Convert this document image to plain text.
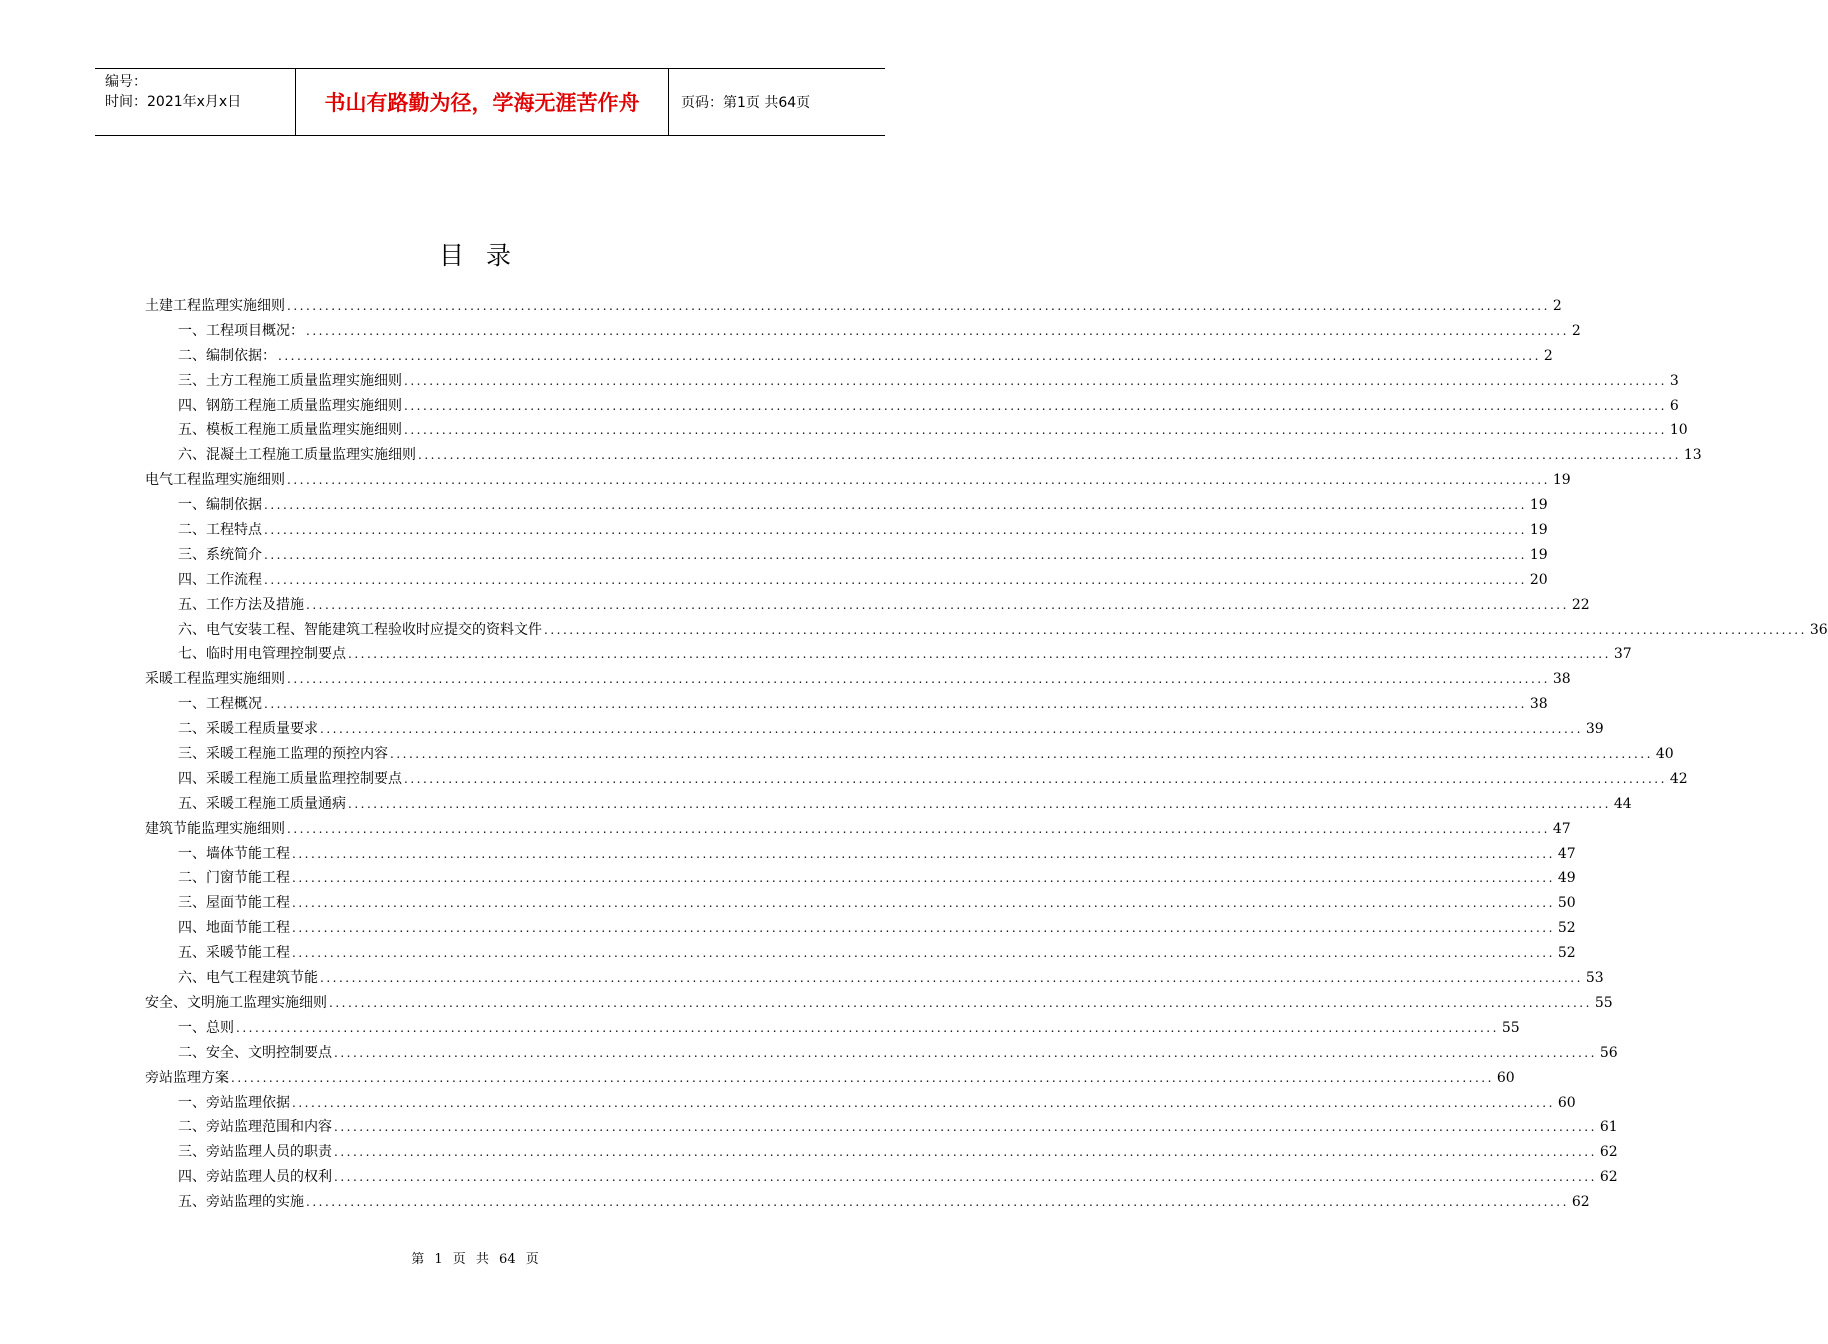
编号：
时间：2021年x月x日	书山有路勤为径，学海无涯苦作舟	页码：第1页 共64页
目录
土建工程监理实施细则 ........................................................................................................................................................................................................ 2
一、工程项目概况： ........................................................................................................................................................................................................ 2
二、编制依据： ........................................................................................................................................................................................................ 2
三、土方工程施工质量监理实施细则 ........................................................................................................................................................................................................ 3
四、钢筋工程施工质量监理实施细则 ........................................................................................................................................................................................................ 6
五、模板工程施工质量监理实施细则 ........................................................................................................................................................................................................ 10
六、混凝土工程施工质量监理实施细则 ........................................................................................................................................................................................................ 13
电气工程监理实施细则 ........................................................................................................................................................................................................ 19
一、编制依据 ........................................................................................................................................................................................................ 19
二、工程特点 ........................................................................................................................................................................................................ 19
三、系统简介 ........................................................................................................................................................................................................ 19
四、工作流程 ........................................................................................................................................................................................................ 20
五、工作方法及措施 ........................................................................................................................................................................................................ 22
六、电气安装工程、智能建筑工程验收时应提交的资料文件 ........................................................................................................................................................................................................ 36
七、临时用电管理控制要点 ........................................................................................................................................................................................................ 37
采暖工程监理实施细则 ........................................................................................................................................................................................................ 38
一、工程概况 ........................................................................................................................................................................................................ 38
二、采暖工程质量要求 ........................................................................................................................................................................................................ 39
三、采暖工程施工监理的预控内容 ........................................................................................................................................................................................................ 40
四、采暖工程施工质量监理控制要点 ........................................................................................................................................................................................................ 42
五、采暖工程施工质量通病 ........................................................................................................................................................................................................ 44
建筑节能监理实施细则 ........................................................................................................................................................................................................ 47
一、墙体节能工程 ........................................................................................................................................................................................................ 47
二、门窗节能工程 ........................................................................................................................................................................................................ 49
三、屋面节能工程 ........................................................................................................................................................................................................ 50
四、地面节能工程 ........................................................................................................................................................................................................ 52
五、采暖节能工程 ........................................................................................................................................................................................................ 52
六、电气工程建筑节能 ........................................................................................................................................................................................................ 53
安全、文明施工监理实施细则 ........................................................................................................................................................................................................ 55
一、总则 ........................................................................................................................................................................................................ 55
二、安全、文明控制要点 ........................................................................................................................................................................................................ 56
旁站监理方案 ........................................................................................................................................................................................................ 60
一、旁站监理依据 ........................................................................................................................................................................................................ 60
二、旁站监理范围和内容 ........................................................................................................................................................................................................ 61
三、旁站监理人员的职责 ........................................................................................................................................................................................................ 62
四、旁站监理人员的权利 ........................................................................................................................................................................................................ 62
五、旁站监理的实施 ........................................................................................................................................................................................................ 62
第 1 页 共 64 页
